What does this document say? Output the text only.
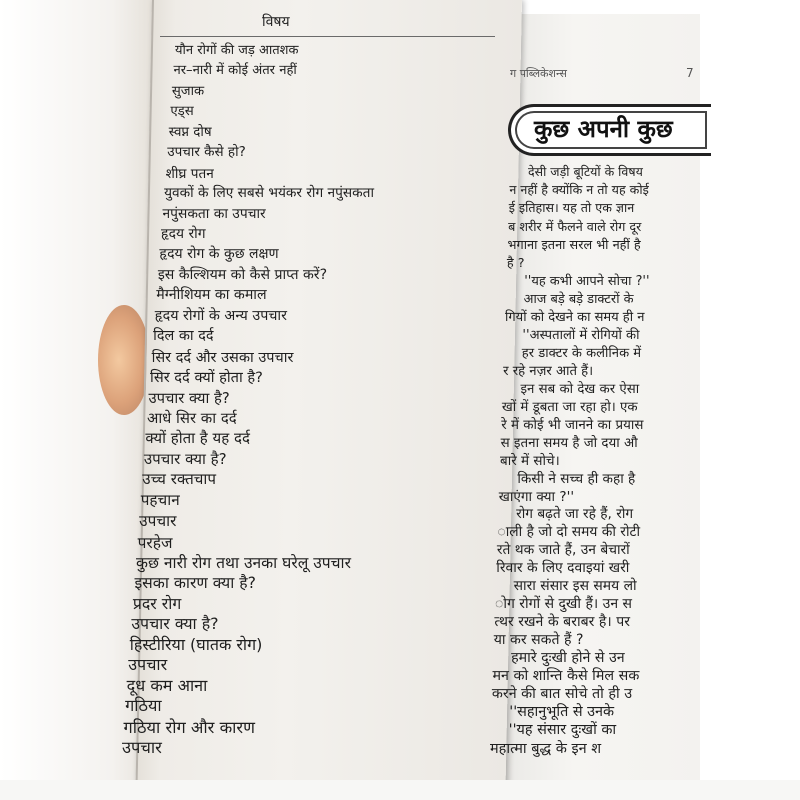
विषय
यौन रोगों की जड़ आतशक
नर–नारी में कोई अंतर नहीं
सुजाक
एड्स
स्वप्न दोष
उपचार कैसे हो?
शीघ्र पतन
युवकों के लिए सबसे भयंकर रोग नपुंसकता
नपुंसकता का उपचार
हृदय रोग
हृदय रोग के कुछ लक्षण
इस कैल्शियम को कैसे प्राप्त करें?
मैग्नीशियम का कमाल
हृदय रोगों के अन्य उपचार
दिल का दर्द
सिर दर्द और उसका उपचार
सिर दर्द क्यों होता है?
उपचार क्या है?
आधे सिर का दर्द
क्यों होता है यह दर्द
उपचार क्या है?
उच्च रक्तचाप
पहचान
उपचार
परहेज
कुछ नारी रोग तथा उनका घरेलू उपचार
इसका कारण क्या है?
प्रदर रोग
उपचार क्या है?
हिस्टीरिया (घातक रोग)
उपचार
दूध कम आना
गठिया
गठिया रोग और कारण
उपचार
ग पब्लिकेशन्स	7
कुछ अपनी कुछ
देसी जड़ी बूटियों के विषय
न नहीं है क्योंकि न तो यह कोई
ई इतिहास। यह तो एक ज्ञान
ब शरीर में फैलने वाले रोग दूर
भगाना इतना सरल भी नहीं है
है ?
''यह कभी आपने सोचा ?''
आज बड़े बड़े डाक्टरों के
गियों को देखने का समय ही न
''अस्पतालों में रोगियों की
हर डाक्टर के कलीनिक में
र रहे नज़र आते हैं।
इन सब को देख कर ऐसा
खों में डूबता जा रहा हो। एक
रे में कोई भी जानने का प्रयास
स इतना समय है जो दया औ
बारे में सोचे।
किसी ने सच्च ही कहा है
खाएंगा क्या ?''
रोग बढ़ते जा रहे हैं, रोग
ाली है जो दो समय की रोटी
रते थक जाते हैं, उन बेचारों
रिवार के लिए दवाइयां खरी
सारा संसार इस समय लो
ोग रोगों से दुखी हैं। उन स
त्थर रखने के बराबर है। पर
या कर सकते हैं ?
हमारे दुःखी होने से उन
मन को शान्ति कैसे मिल सक
करने की बात सोचे तो ही उ
''सहानुभूति से उनके
''यह संसार दुःखों का
महात्मा बुद्ध के इन श
